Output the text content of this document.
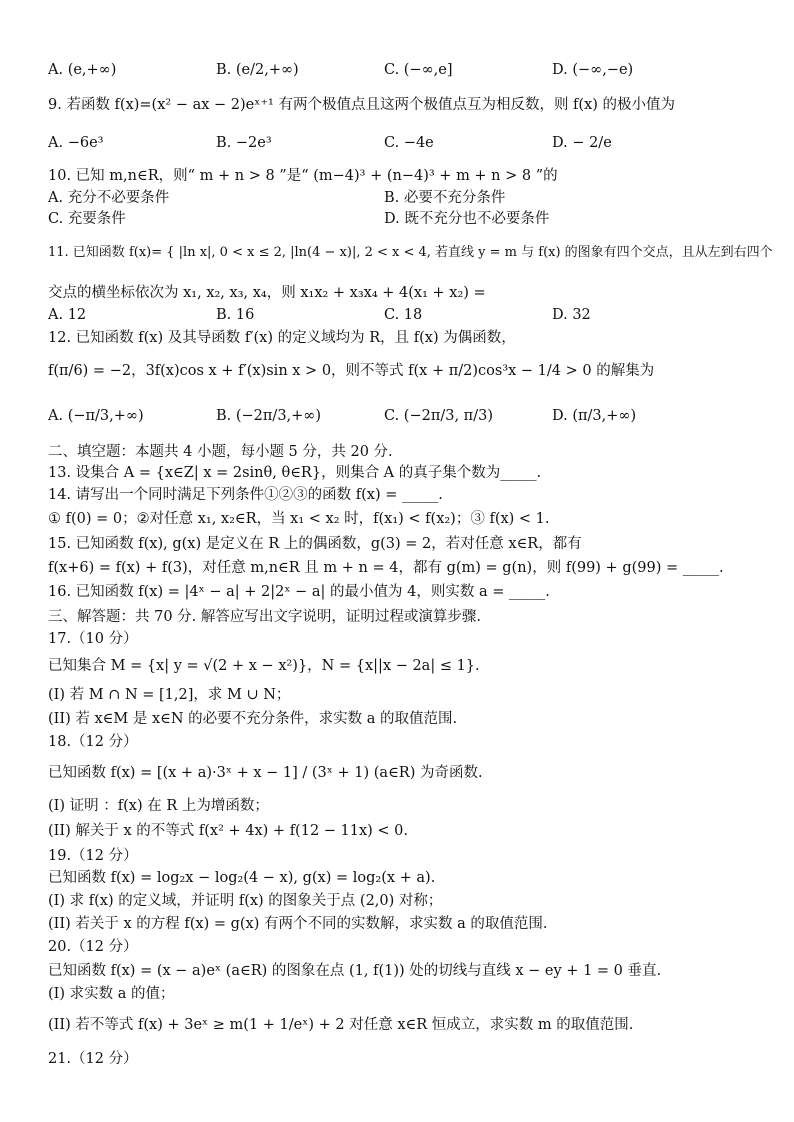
A. (e,+∞)	B. (e/2,+∞)	C. (−∞,e]	D. (−∞,−e)
9. 若函数 f(x)=(x² − ax − 2)eˣ⁺¹ 有两个极值点且这两个极值点互为相反数，则 f(x) 的极小值为
A. −6e³	B. −2e³	C. −4e	D. − 2/e
10. 已知 m,n∈R，则“ m + n > 8 ”是“ (m−4)³ + (n−4)³ + m + n > 8 ”的
A. 充分不必要条件	B. 必要不充分条件
C. 充要条件	D. 既不充分也不必要条件
11. 已知函数 f(x)= { |ln x|, 0 < x ≤ 2, |ln(4 − x)|, 2 < x < 4, 若直线 y = m 与 f(x) 的图象有四个交点，且从左到右四个
交点的横坐标依次为 x₁, x₂, x₃, x₄，则 x₁x₂ + x₃x₄ + 4(x₁ + x₂) =
A. 12	B. 16	C. 18	D. 32
12. 已知函数 f(x) 及其导函数 f′(x) 的定义域均为 R，且 f(x) 为偶函数，
f(π/6) = −2，3f(x)cos x + f′(x)sin x > 0，则不等式 f(x + π/2)cos³x − 1/4 > 0 的解集为
A. (−π/3,+∞)	B. (−2π/3,+∞)	C. (−2π/3, π/3)	D. (π/3,+∞)
二、填空题：本题共 4 小题，每小题 5 分，共 20 分.
13. 设集合 A = {x∈Z| x = 2sinθ, θ∈R}，则集合 A 的真子集个数为_____.
14. 请写出一个同时满足下列条件①②③的函数 f(x) = _____.
① f(0) = 0；②对任意 x₁, x₂∈R，当 x₁ < x₂ 时，f(x₁) < f(x₂)；③ f(x) < 1.
15. 已知函数 f(x), g(x) 是定义在 R 上的偶函数，g(3) = 2，若对任意 x∈R，都有
f(x+6) = f(x) + f(3)，对任意 m,n∈R 且 m + n = 4，都有 g(m) = g(n)，则 f(99) + g(99) = _____.
16. 已知函数 f(x) = |4ˣ − a| + 2|2ˣ − a| 的最小值为 4，则实数 a = _____.
三、解答题：共 70 分. 解答应写出文字说明，证明过程或演算步骤.
17.（10 分）
已知集合 M = {x| y = √(2 + x − x²)}，N = {x||x − 2a| ≤ 1}.
(I) 若 M ∩ N = [1,2]，求 M ∪ N；
(II) 若 x∈M 是 x∈N 的必要不充分条件，求实数 a 的取值范围.
18.（12 分）
已知函数 f(x) = [(x + a)·3ˣ + x − 1] / (3ˣ + 1) (a∈R) 为奇函数.
(I) 证明 ：f(x) 在 R 上为增函数；
(II) 解关于 x 的不等式 f(x² + 4x) + f(12 − 11x) < 0.
19.（12 分）
已知函数 f(x) = log₂x − log₂(4 − x), g(x) = log₂(x + a).
(I) 求 f(x) 的定义域，并证明 f(x) 的图象关于点 (2,0) 对称；
(II) 若关于 x 的方程 f(x) = g(x) 有两个不同的实数解，求实数 a 的取值范围.
20.（12 分）
已知函数 f(x) = (x − a)eˣ (a∈R) 的图象在点 (1, f(1)) 处的切线与直线 x − ey + 1 = 0 垂直.
(I) 求实数 a 的值；
(II) 若不等式 f(x) + 3eˣ ≥ m(1 + 1/eˣ) + 2 对任意 x∈R 恒成立，求实数 m 的取值范围.
21.（12 分）
